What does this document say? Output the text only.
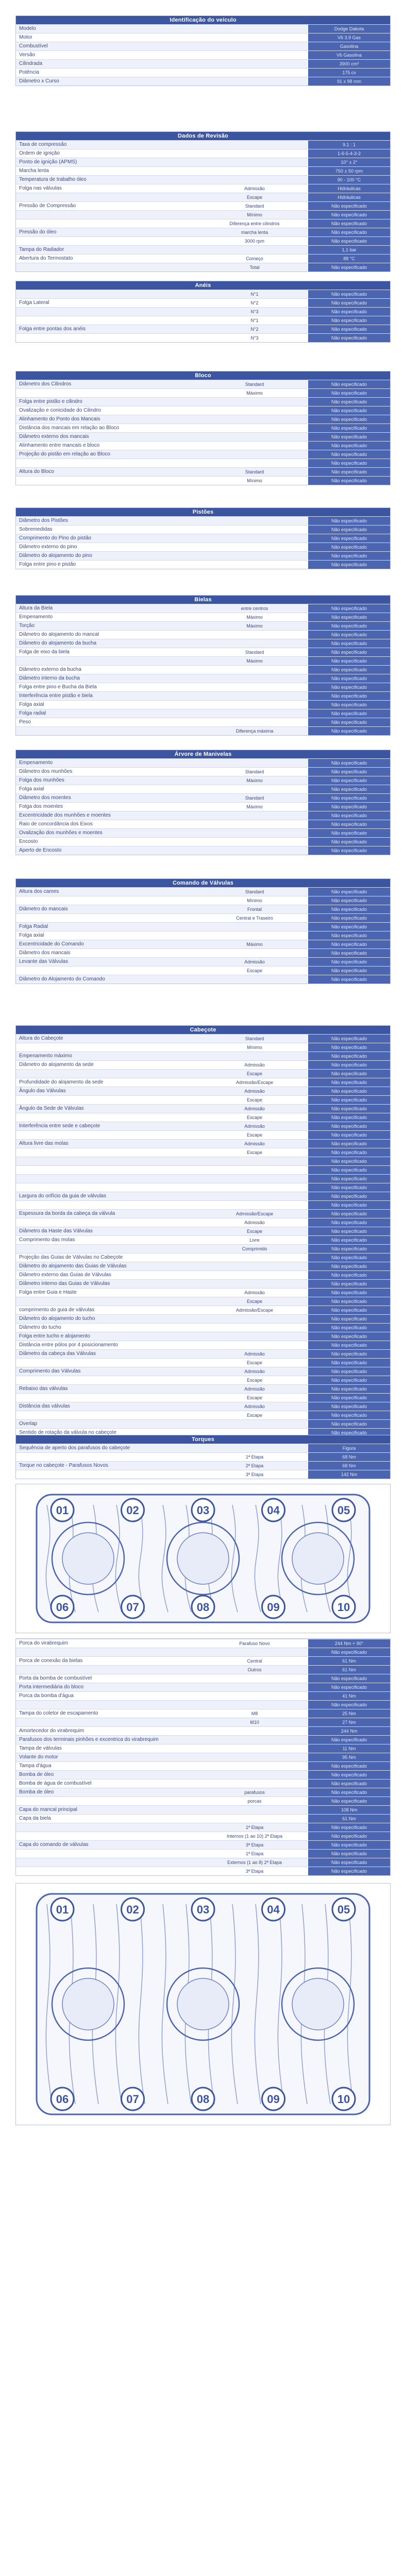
Identificação do veículo
Modelo	Dodge Dakota
Motor	V6 3.9 Gas
Combustível	Gasolina
Versão	V6 Gasolina
Cilindrada	3900 cm³
Potência	175 cv
Diâmetro x Curso	91 x 98 mm
Dados de Revisão
Taxa de compressão	9.1 : 1
Ordem de ignição	1-6-5-4-3-2
Ponto de ignição (APMS)	10° ± 2°
Marcha lenta	750 ± 50 rpm
Temperatura de trabalho óleo	90 - 100 °C
Folga nas válvulas	Admissão	Hidráulicas
Escape	Hidráulicas
Pressão de Compressão	Standard	Não especificado
Mínimo	Não especificado
Diferença entre cilindros	Não especificado
Pressão do óleo	marcha lenta	Não especificado
3000 rpm	Não especificado
Tampa do Radiador	1,1 bar
Abertura do Termostato	Começo	88 °C
Total	Não especificado
Anéis
N°1	Não especificado
Folga Lateral	N°2	Não especificado
N°3	Não especificado
N°1	Não especificado
Folga entre pontas dos anéis	N°2	Não especificado
N°3	Não especificado
Bloco
Diâmetro dos Cilindros	Standard	Não especificado
Máximo	Não especificado
Folga entre pistão e cilindro	Não especificado
Ovalização e conicidade do Cilindro	Não especificado
Alinhamento do Ponto dos Mancais	Não especificado
Distância dos mancais em relação ao Bloco	Não especificado
Diâmetro externo dos mancais	Não especificado
Alinhamento entre mancais e bloco	Não especificado
Projeção do pistão em relação ao Bloco	Não especificado
Não especificado
Altura do Bloco	Standard	Não especificado
Mínimo	Não especificado
Pistões
Diâmetro dos Pistões	Não especificado
Sobremedidas	Não especificado
Comprimento do Pino do pistão	Não especificado
Diâmetro externo do pino	Não especificado
Diâmetro do alojamento do pino	Não especificado
Folga entre pino e pistão	Não especificado
Bielas
Altura da Biela	entre centros	Não especificado
Empenamento	Máximo	Não especificado
Torção	Máximo	Não especificado
Diâmetro do alojamento do mancal	Não especificado
Diâmetro do alojamento da bucha	Não especificado
Folga de eixo da biela	Standard	Não especificado
Máximo	Não especificado
Diâmetro externo da bucha	Não especificado
Diâmetro interno da bucha	Não especificado
Folga entre pino e Bucha da Biela	Não especificado
Interferência entre pistão e biela	Não especificado
Folga axial	Não especificado
Folga radial	Não especificado
Peso	Não especificado
Diferença máxima	Não especificado
Árvore de Manivelas
Empenamento	Não especificado
Diâmetro dos munhões	Standard	Não especificado
Folga dos munhões	Máximo	Não especificado
Folga axial	Não especificado
Diâmetro dos moentes	Standard	Não especificado
Folga dos moentes	Máximo	Não especificado
Excentricidade dos munhões e moentes	Não especificado
Raio de concordância dos Eixos	Não especificado
Ovalização dos munhões e moentes	Não especificado
Encosto	Não especificado
Aperto de Encosto	Não especificado
Comando de Válvulas
Altura dos cames	Standard	Não especificado
Mínimo	Não especificado
Diâmetro do mancais	Frontal	Não especificado
Central e Traseiro	Não especificado
Folga Radial	Não especificado
Folga axial	Não especificado
Excentricidade do Comando	Máximo	Não especificado
Diâmetro dos mancais	Não especificado
Levante das Válvulas	Admissão	Não especificado
Escape	Não especificado
Diâmetro do Alojamento do Comando	Não especificado
Cabeçote
Altura do Cabeçote	Standard	Não especificado
Mínimo	Não especificado
Empenamento máximo	Não especificado
Diâmetro do alojamento da sede	Admissão	Não especificado
Escape	Não especificado
Profundidade do alojamento da sede	Admissão/Escape	Não especificado
Ângulo das Válvulas	Admissão	Não especificado
Escape	Não especificado
Ângulo da Sede de Válvulas	Admissão	Não especificado
Escape	Não especificado
Interferência entre sede e cabeçote	Admissão	Não especificado
Escape	Não especificado
Altura livre das molas	Admissão	Não especificado
Escape	Não especificado
Não especificado
Não especificado
Não especificado
Não especificado
Largura do orifício da guia de válvulas	Não especificado
Não especificado
Espessura da borda da cabeça da válvula	Admissão/Escape	Não especificado
Admissão	Não especificado
Diâmetro da Haste das Válvulas	Escape	Não especificado
Comprimento das molas	Livre	Não especificado
Comprimido	Não especificado
Projeção das Guias de Válvulas no Cabeçote	Não especificado
Diâmetro do alojamento das Guias de Válvulas	Não especificado
Diâmetro externo das Guias de Válvulas	Não especificado
Diâmetro interno das Guias de Válvulas	Não especificado
Folga entre Guia e Haste	Admissão	Não especificado
Escape	Não especificado
comprimento do guia de válvulas	Admissão/Escape	Não especificado
Diâmetro do alojamento do tucho	Não especificado
Diâmetro do tucho	Não especificado
Folga entre tucho e alojamento	Não especificado
Distância entre pólos por 4 posicionamento	Não especificado
Diâmetro da cabeça das Válvulas	Admissão	Não especificado
Escape	Não especificado
Comprimento das Válvulas	Admissão	Não especificado
Escape	Não especificado
Rebaixo das válvulas	Admissão	Não especificado
Escape	Não especificado
Distância das válvulas	Admissão	Não especificado
Escape	Não especificado
Overlap	Não especificado
Sentido de rotação da válvula no cabeçote	Não especificado
Torques
Sequência de aperto dos parafusos do cabeçote	Figura
1ª Etapa	68 Nm
Torque no cabeçote - Parafusos Novos	2ª Etapa	68 Nm
3ª Etapa	142 Nm
Porca do virabrequim	Parafuso Novo	244 Nm + 90°
Não especificado
Porca de conexão da bielas	Central	61 Nm
Outros	61 Nm
Porta da bomba de combustível	Não especificado
Porta intermediária do bloco	Não especificado
Porca da bomba d'água	41 Nm
Não especificado
Tampa do coletor de escapamento	M8	25 Nm
M10	27 Nm
Amortecedor do virabrequim	244 Nm
Parafusos dos terminais pinhões e excentrica do virabrequim	Não especificado
Tampa de válvulas	11 Nm
Volante do motor	95 Nm
Tampa d'água	Não especificado
Bomba de óleo	Não especificado
Bomba de água de combustível	Não especificado
Bomba de óleo	parafusos	Não especificado
porcas	Não especificado
Capa do mancal principal	108 Nm
Capa da biela	61 Nm
1ª Etapa	Não especificado
Internos (1 ao 10) 2ª Etapa	Não especificado
Capa do comando de válvulas	3ª Etapa	Não especificado
1ª Etapa	Não especificado
Externos (1 ao 8) 2ª Etapa	Não especificado
3ª Etapa	Não especificado
01	02	03	04	05
06	07	08	09	10
01	02	03	04	05
06	07	08	09	10
